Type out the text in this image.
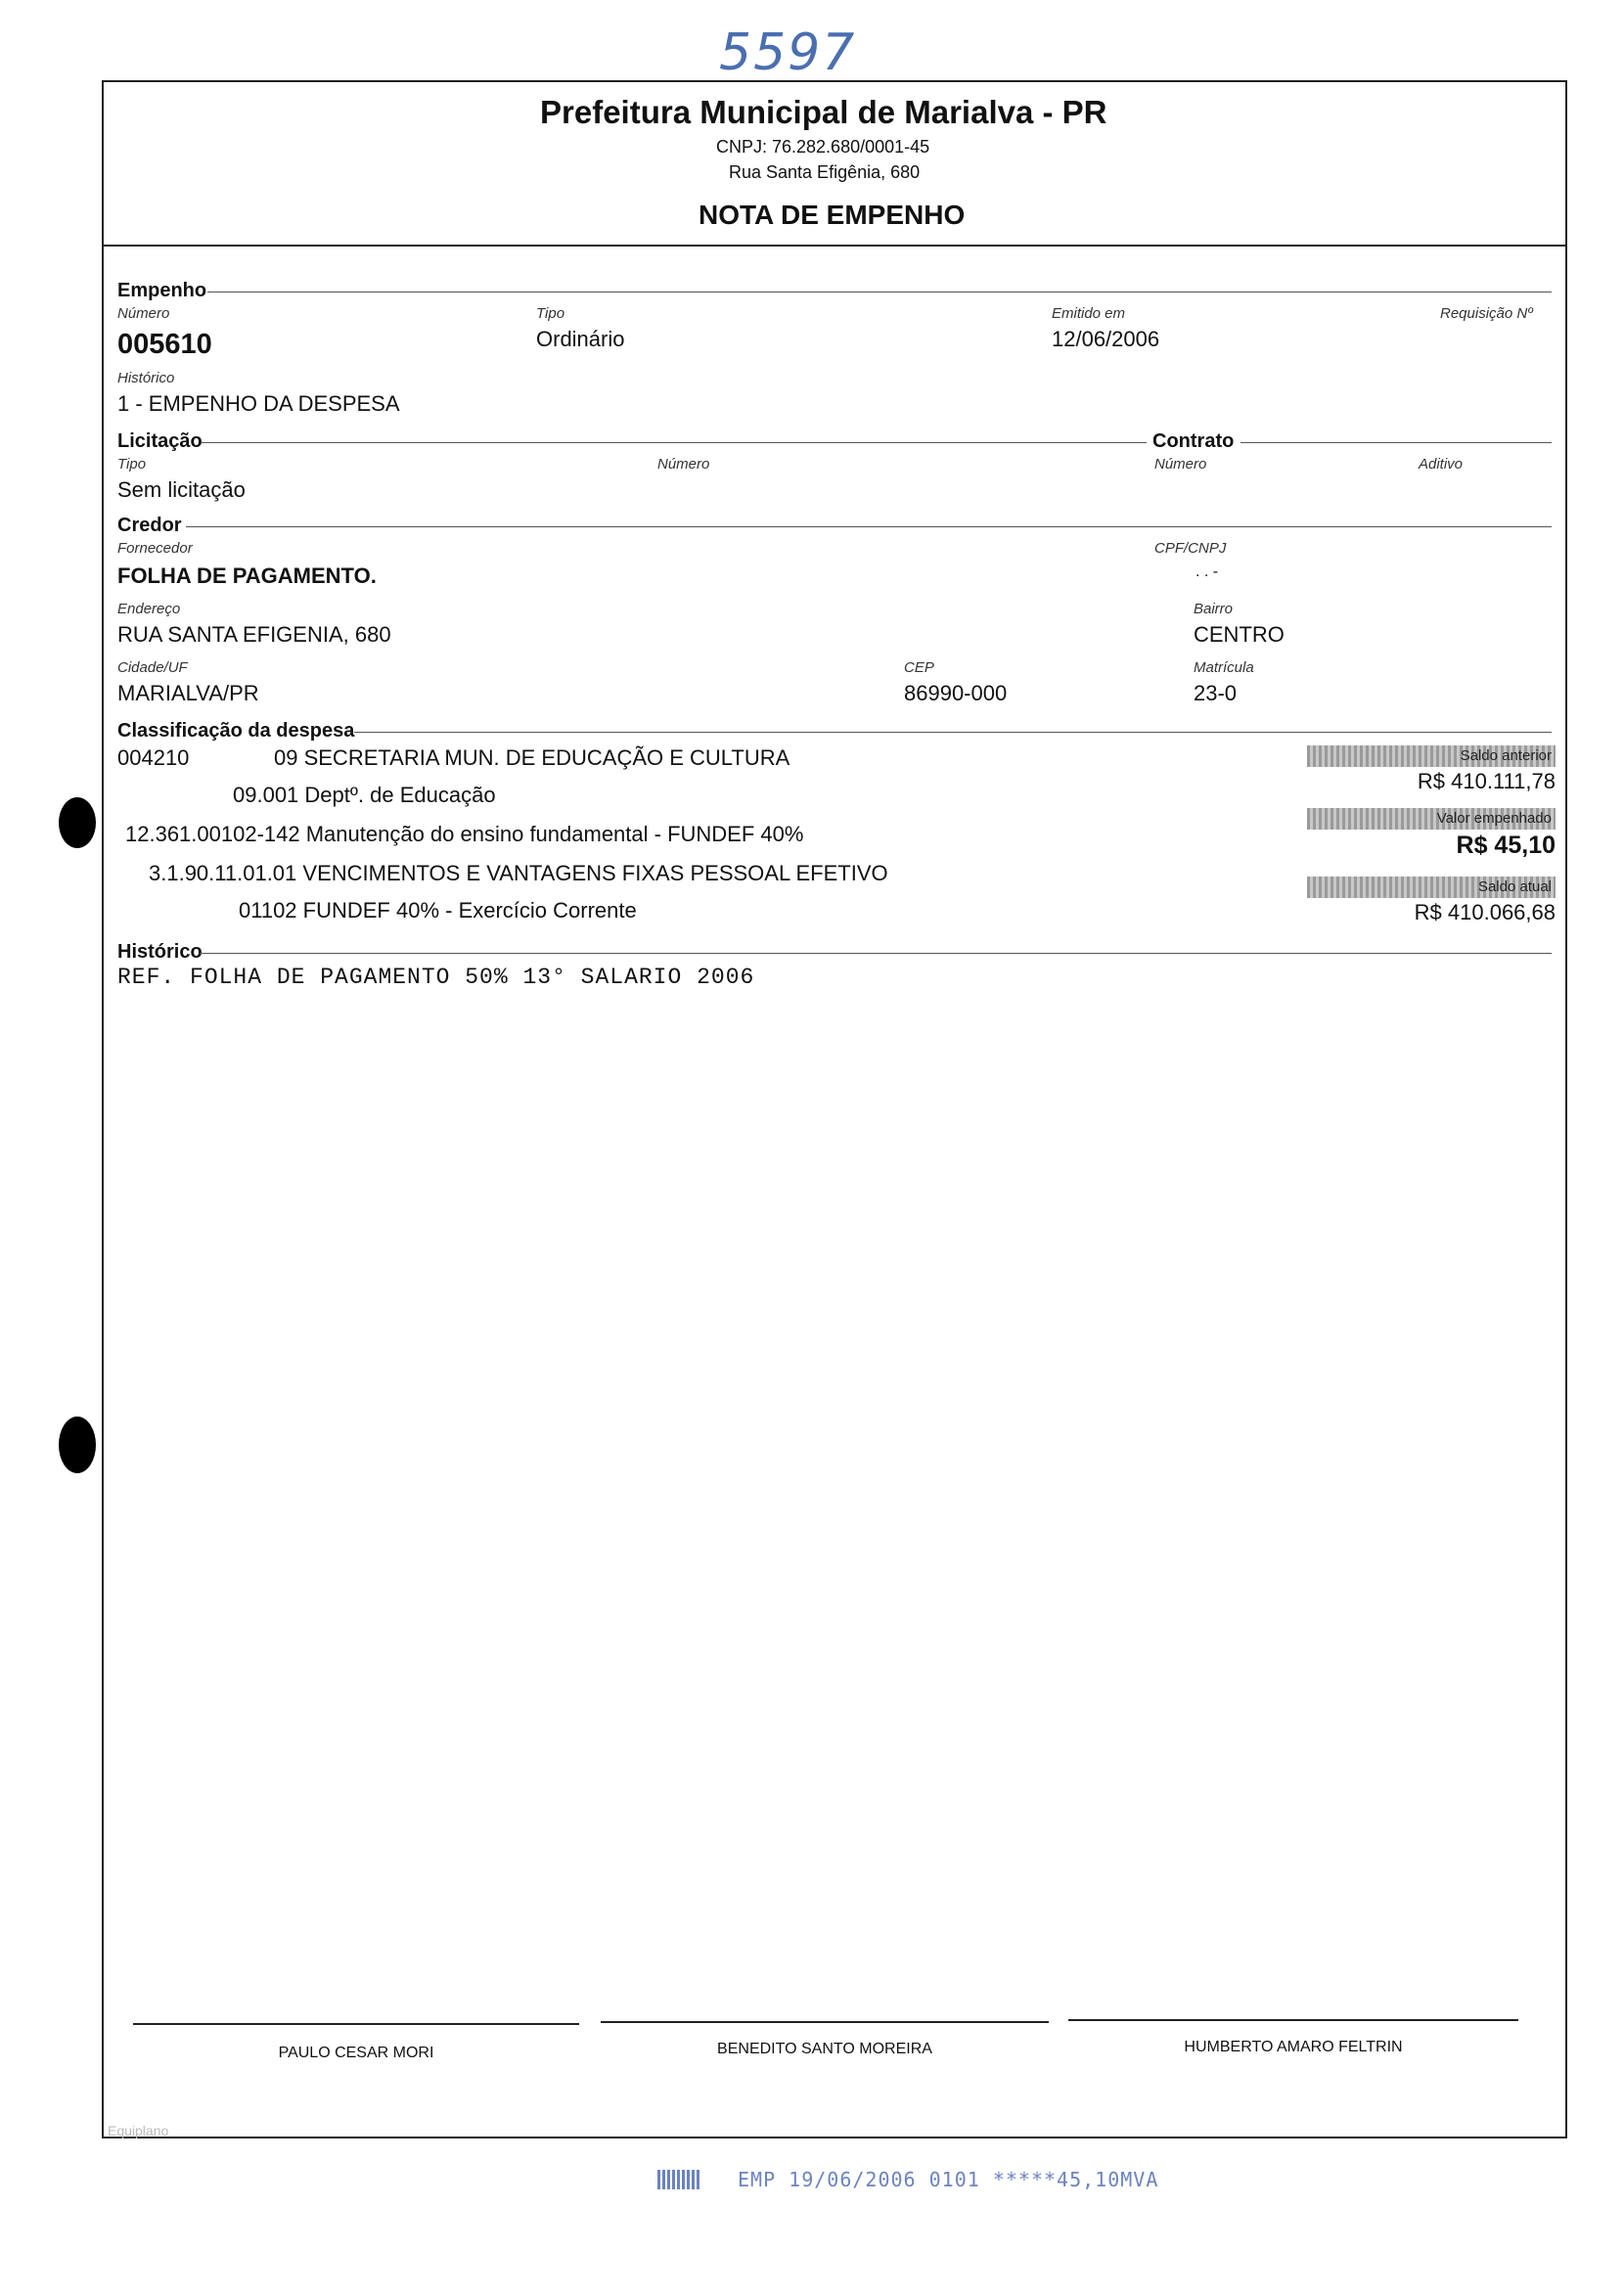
5597
Prefeitura Municipal de Marialva - PR
CNPJ: 76.282.680/0001-45
Rua Santa Efigênia, 680
NOTA DE EMPENHO
Empenho
Número
005610
Tipo
Ordinário
Emitido em
12/06/2006
Requisição Nº
Histórico
1 - EMPENHO DA DESPESA
Licitação	Contrato
Tipo
Sem licitação
Número	Número	Aditivo
Credor
Fornecedor
FOLHA DE PAGAMENTO.
CPF/CNPJ
. . -
Endereço
RUA SANTA EFIGENIA, 680
Bairro
CENTRO
Cidade/UF
MARIALVA/PR
CEP
86990-000
Matrícula
23-0
Classificação da despesa
004210	09 SECRETARIA MUN. DE EDUCAÇÃO E CULTURA
09.001 Deptº. de Educação
12.361.00102-142 Manutenção do ensino fundamental - FUNDEF 40%
3.1.90.11.01.01 VENCIMENTOS E VANTAGENS FIXAS PESSOAL EFETIVO
01102 FUNDEF 40% - Exercício Corrente
Saldo anterior
R$ 410.111,78
Valor empenhado
R$ 45,10
Saldo atual
R$ 410.066,68
Histórico
REF. FOLHA DE PAGAMENTO 50% 13° SALARIO 2006
PAULO CESAR MORI	BENEDITO SANTO MOREIRA	HUMBERTO AMARO FELTRIN
Equiplano
EMP 19/06/2006 0101 *****45,10MVA
